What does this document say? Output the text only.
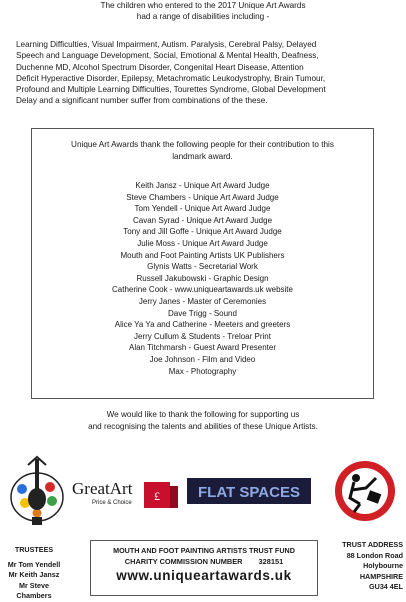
The children who entered to the 2017 Unique Art Awards
had a range of disabilities including -
Learning Difficulties, Visual Impairment, Autism. Paralysis, Cerebral Palsy, Delayed
Speech and Language Development, Social, Emotional & Mental Health, Deafness,
Duchenne MD, Alcohol Spectrum Disorder, Congenital Heart Disease, Attention
Deficit Hyperactive Disorder, Epilepsy, Metachromatic Leukodystrophy, Brain Tumour,
Profound and Multiple Learning Difficulties, Tourettes Syndrome, Global Development
Delay and a significant number suffer from combinations of the these.
Unique Art Awards thank the following people for their contribution to this
landmark award.
Keith Jansz - Unique Art Award Judge
Steve Chambers - Unique Art Award Judge
Tom Yendell - Unique Art Award Judge
Cavan Syrad - Unique Art Award Judge
Tony and Jill Goffe - Unique Art Award Judge
Julie Moss - Unique Art Award Judge
Mouth and Foot Painting Artists UK Publishers
Glynis Watts - Secretarial Work
Russell Jakubowski - Graphic Design
Catherine Cook - www.uniqueartawards.uk website
Jerry Janes - Master of Ceremonies
Dave Trigg - Sound
Alice Ya Ya and Catherine - Meeters and greeters
Jerry Cullum & Students - Treloar Print
Alan Titchmarsh - Guest Award Presenter
Joe Johnson - Film and Video
Max - Photography
We would like to thank the following for supporting us
and recognising the talents and abilities of these Unique Artists.
GreatArt
Price & Choice £	FLAT SPACES
TRUSTEES
Mr Tom Yendell
Mr Keith Jansz
Mr Steve Chambers
MOUTH AND FOOT PAINTING ARTISTS TRUST FUND
CHARITY COMMISSION NUMBER 328151
www.uniqueartawards.uk
TRUST ADDRESS
88 London Road
Holybourne
HAMPSHIRE
GU34 4EL
